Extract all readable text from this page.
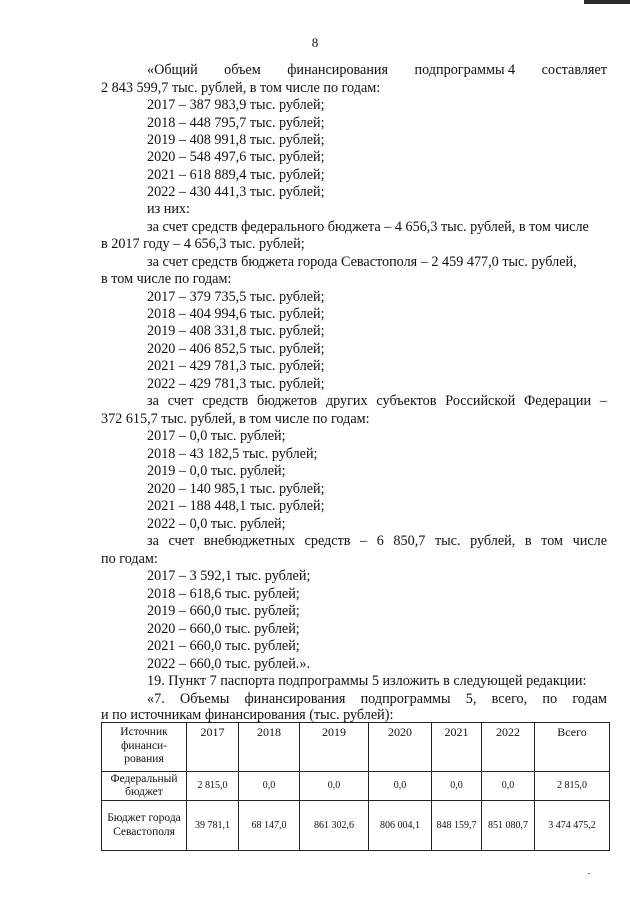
8
«Общий объем финансирования подпрограммы 4 составляет
2 843 599,7 тыс. рублей, в том числе по годам:
2017 – 387 983,9 тыс. рублей;
2018 – 448 795,7 тыс. рублей;
2019 – 408 991,8 тыс. рублей;
2020 – 548 497,6 тыс. рублей;
2021 – 618 889,4 тыс. рублей;
2022 – 430 441,3 тыс. рублей;
из них:
за счет средств федерального бюджета – 4 656,3 тыс. рублей, в том числе
в 2017 году – 4 656,3 тыс. рублей;
за счет средств бюджета города Севастополя – 2 459 477,0 тыс. рублей,
в том числе по годам:
2017 – 379 735,5 тыс. рублей;
2018 – 404 994,6 тыс. рублей;
2019 – 408 331,8 тыс. рублей;
2020 – 406 852,5 тыс. рублей;
2021 – 429 781,3 тыс. рублей;
2022 – 429 781,3 тыс. рублей;
за счет средств бюджетов других субъектов Российской Федерации –
372 615,7 тыс. рублей, в том числе по годам:
2017 – 0,0 тыс. рублей;
2018 – 43 182,5 тыс. рублей;
2019 – 0,0 тыс. рублей;
2020 – 140 985,1 тыс. рублей;
2021 – 188 448,1 тыс. рублей;
2022 – 0,0 тыс. рублей;
за счет внебюджетных средств – 6 850,7 тыс. рублей, в том числе
по годам:
2017 – 3 592,1 тыс. рублей;
2018 – 618,6 тыс. рублей;
2019 – 660,0 тыс. рублей;
2020 – 660,0 тыс. рублей;
2021 – 660,0 тыс. рублей;
2022 – 660,0 тыс. рублей.».
19. Пункт 7 паспорта подпрограммы 5 изложить в следующей редакции:
«7. Объемы финансирования подпрограммы 5, всего, по годам
и по источникам финансирования (тыс. рублей):
Источник финанси-рования	2017	2018	2019	2020	2021	2022	Всего
Федеральный бюджет	2 815,0	0,0	0,0	0,0	0,0	0,0	2 815,0
Бюджет города Севастополя	39 781,1	68 147,0	861 302,6	806 004,1	848 159,7	851 080,7	3 474 475,2
